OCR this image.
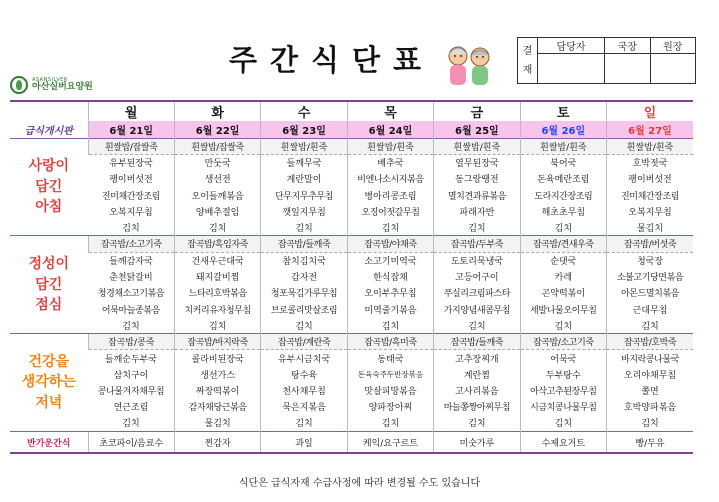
ASANSILVER
아산실버요양원
주간식단표	결
재	담당자	국장	원장

	월	화	수	목	금	토	일
급식개시판	6월 21일	6월 22일	6월 23일	6월 24일	6월 25일	6월 26일	6월 27일

사랑이
담긴
아침	흰쌀밥/잡쌀죽	흰쌀밥/잡쌀죽	흰쌀밥/흰죽	흰쌀밥/흰죽	흰쌀밥/흰죽	흰쌀밥/흰죽	흰쌀밥/흰죽
	유부된장국	만둣국	들깨무국	배추국	열무된장국	북어국	호박젓국
	팽이버섯전	생선전	계란말이	비엔나소시지볶음	동그랑땡전	돈육메란조림	팽이버섯전
	진미채간장조림	오이들깨볶음	단무지무추무침	병아리콩조림	멸치견과류볶음	도라지간장조림	진미채간장조림
	오복지무침	양배추절임	깻잎지무침	오징어젓갈무침	파래자반	해초초무침	오복지무침
	김치	김치	김치	김치	김치	김치	물김치

정성이
담긴
점심	잡곡밥/소고기죽	잡곡밥/흑임자죽	잡곡밥/들깨죽	잡곡밥/야채죽	잡곡밥/두부죽	잡곡밥/견새우죽	잡곡밥/버섯죽
	들깨감자국	건새우근대국	참치김치국	소고기미역국	도토리묵냉국	순댓국	청국장
	춘천닭갈비	돼지갈비찜	감자전	한식잡채	고등어구이	카레	소불고기당면볶음
	청경채소고기볶음	느타리호박볶음	청포묵김가루무침	오이부추무침	푸실리크림파스타	곤약떡볶이	아몬드멸치볶음
	어묵마늘종볶음	치커리유자청무침	브로콜리맛살조림	미역줄기볶음	가지양념새콤무침	세발나물오이무침	근대무침
	김치	김치	김치	김치	김치	김치	김치

건강을
생각하는
저녁	잡곡밥/콩죽	잡곡밥/바지락죽	잡곡밥/계란죽	잡곡밥/흑미죽	잡곡밥/들깨죽	잡곡밥/소고기죽	잡곡밥/호박죽
	들깨순두부국	콜라비된장국	유부시금치국	동태국	고추장찌개	어묵국	바지락콩나물국
	삼치구이	생선가스	탕수육	돈육숙주두반장볶음	계란찜	두부탕수	오리야채무침
	콩나물겨자채무침	짜장떡볶이	천사채무침	맛살피망볶음	고사리볶음	아삭고추된장무침	쫄면
	연근조림	감자채당근볶음	묵은지볶음	양파장아찌	마늘쫑짱아찌무침	시금치콩나물무침	호박양파볶음
	김치	물김치	김치	김치	김치	김치	김치
반가운간식	초코파이/음료수	찐감자	과일	케익/요구르트	미숫가루	수제요거트	빵/두유
식단은 급식자재 수급사정에 따라 변경될 수도 있습니다
